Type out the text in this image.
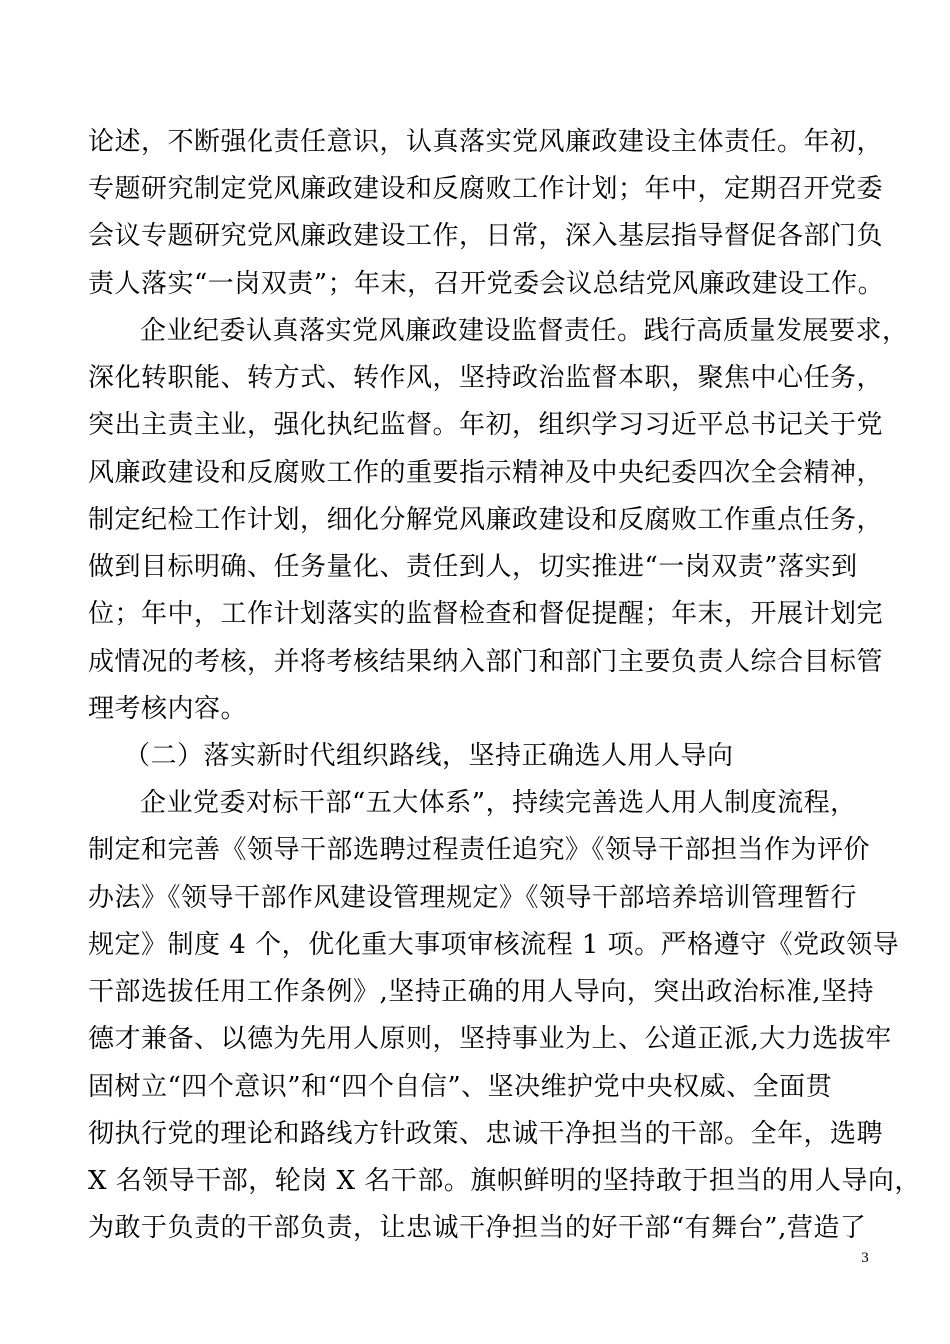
论述，不断强化责任意识，认真落实党风廉政建设主体责任。年初，
专题研究制定党风廉政建设和反腐败工作计划；年中，定期召开党委
会议专题研究党风廉政建设工作，日常，深入基层指导督促各部门负
责人落实“一岗双责”；年末，召开党委会议总结党风廉政建设工作。
企业纪委认真落实党风廉政建设监督责任。践行高质量发展要求，
深化转职能、转方式、转作风，坚持政治监督本职，聚焦中心任务，
突出主责主业，强化执纪监督。年初，组织学习习近平总书记关于党
风廉政建设和反腐败工作的重要指示精神及中央纪委四次全会精神，
制定纪检工作计划，细化分解党风廉政建设和反腐败工作重点任务，
做到目标明确、任务量化、责任到人，切实推进“一岗双责”落实到
位；年中，工作计划落实的监督检查和督促提醒；年末，开展计划完
成情况的考核，并将考核结果纳入部门和部门主要负责人综合目标管
理考核内容。
（二）落实新时代组织路线，坚持正确选人用人导向
企业党委对标干部“五大体系”，持续完善选人用人制度流程，
制定和完善《领导干部选聘过程责任追究》《领导干部担当作为评价
办法》《领导干部作风建设管理规定》《领导干部培养培训管理暂行
规定》制度 4 个，优化重大事项审核流程 1 项。严格遵守《党政领导
干部选拔任用工作条例》,坚持正确的用人导向，突出政治标准,坚持
德才兼备、以德为先用人原则，坚持事业为上、公道正派,大力选拔牢
固树立“四个意识”和“四个自信”、坚决维护党中央权威、全面贯
彻执行党的理论和路线方针政策、忠诚干净担当的干部。全年，选聘
X 名领导干部，轮岗 X 名干部。旗帜鲜明的坚持敢于担当的用人导向，
为敢于负责的干部负责，让忠诚干净担当的好干部“有舞台”,营造了
3
